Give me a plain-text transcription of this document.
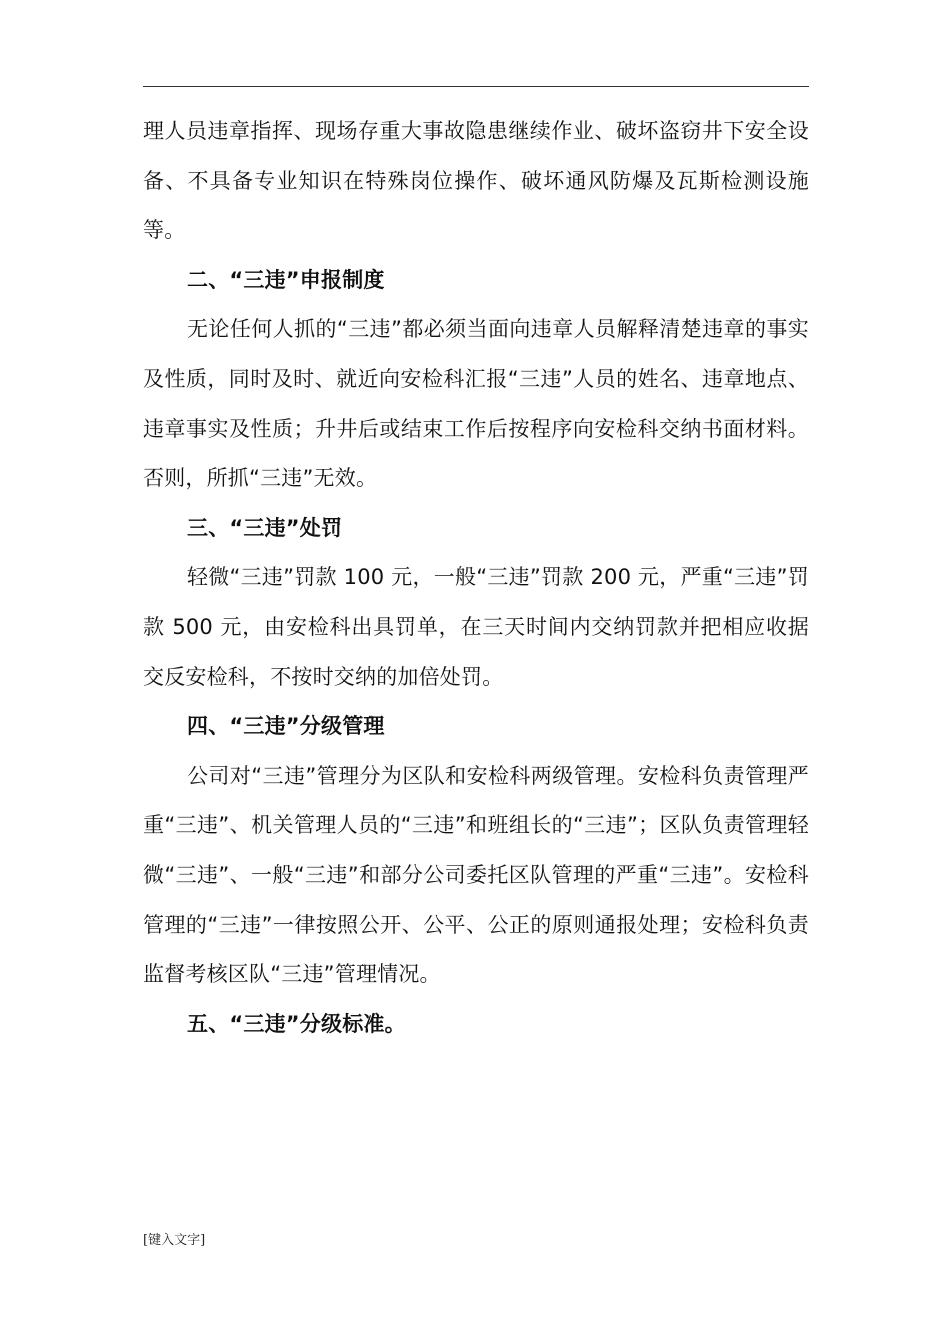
理人员违章指挥、现场存重大事故隐患继续作业、破坏盗窃井下安全设备、不具备专业知识在特殊岗位操作、破坏通风防爆及瓦斯检测设施等。

二、“三违”申报制度

无论任何人抓的“三违”都必须当面向违章人员解释清楚违章的事实及性质，同时及时、就近向安检科汇报“三违”人员的姓名、违章地点、违章事实及性质；升井后或结束工作后按程序向安检科交纳书面材料。否则，所抓“三违”无效。

三、“三违”处罚

轻微“三违”罚款 100 元，一般“三违”罚款 200 元，严重“三违”罚款 500 元，由安检科出具罚单，在三天时间内交纳罚款并把相应收据交反安检科，不按时交纳的加倍处罚。

四、“三违”分级管理

公司对“三违”管理分为区队和安检科两级管理。安检科负责管理严重“三违”、机关管理人员的“三违”和班组长的“三违”；区队负责管理轻微“三违”、一般“三违”和部分公司委托区队管理的严重“三违”。安检科管理的“三违”一律按照公开、公平、公正的原则通报处理；安检科负责监督考核区队“三违”管理情况。

五、“三违”分级标准。

[键入文字]
